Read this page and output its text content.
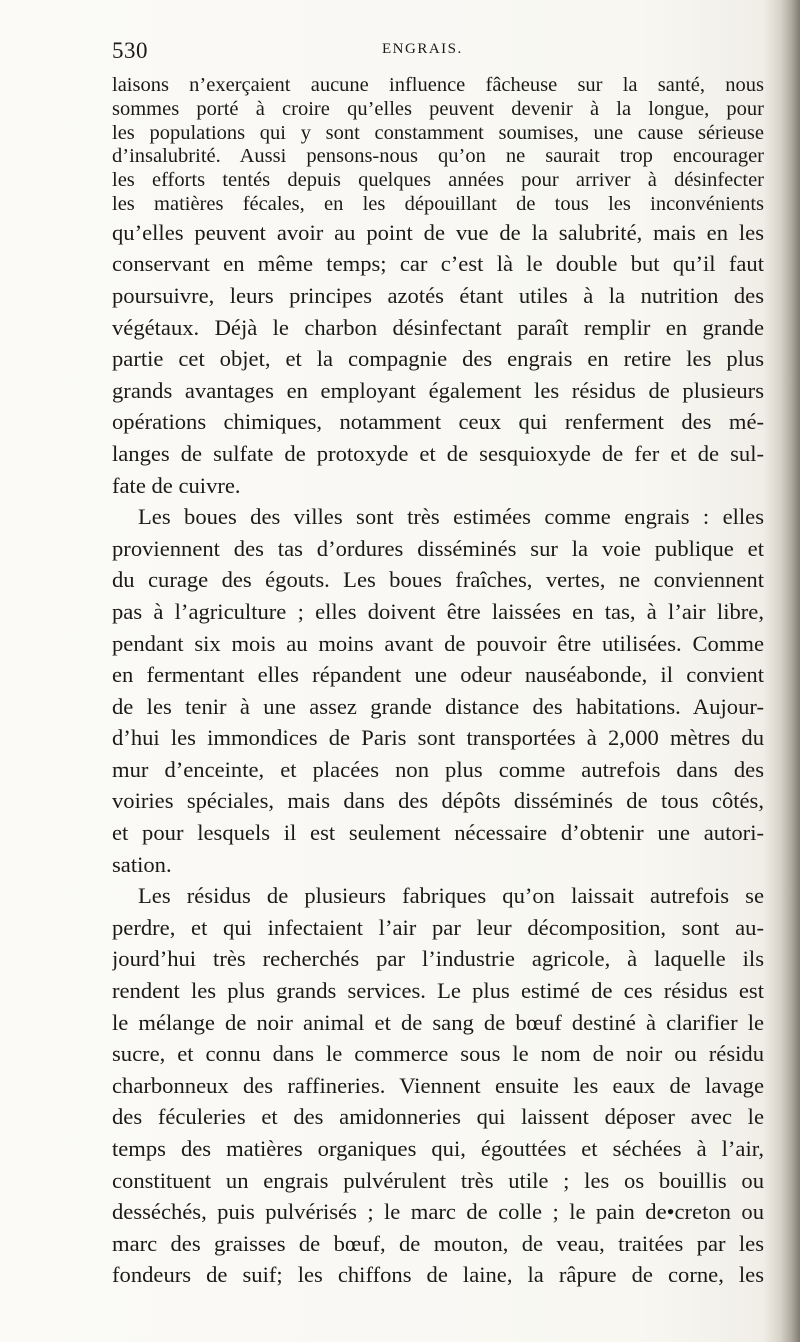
530	ENGRAIS.
laisons n’exerçaient aucune influence fâcheuse sur la santé, nous
sommes porté à croire qu’elles peuvent devenir à la longue, pour
les populations qui y sont constamment soumises, une cause sérieuse
d’insalubrité. Aussi pensons-nous qu’on ne saurait trop encourager
les efforts tentés depuis quelques années pour arriver à désinfecter
les matières fécales, en les dépouillant de tous les inconvénients
qu’elles peuvent avoir au point de vue de la salubrité, mais en les
conservant en même temps; car c’est là le double but qu’il faut
poursuivre, leurs principes azotés étant utiles à la nutrition des
végétaux. Déjà le charbon désinfectant paraît remplir en grande
partie cet objet, et la compagnie des engrais en retire les plus
grands avantages en employant également les résidus de plusieurs
opérations chimiques, notamment ceux qui renferment des mé-
langes de sulfate de protoxyde et de sesquioxyde de fer et de sul-
fate de cuivre.
Les boues des villes sont très estimées comme engrais : elles
proviennent des tas d’ordures disséminés sur la voie publique et
du curage des égouts. Les boues fraîches, vertes, ne conviennent
pas à l’agriculture ; elles doivent être laissées en tas, à l’air libre,
pendant six mois au moins avant de pouvoir être utilisées. Comme
en fermentant elles répandent une odeur nauséabonde, il convient
de les tenir à une assez grande distance des habitations. Aujour-
d’hui les immondices de Paris sont transportées à 2,000 mètres du
mur d’enceinte, et placées non plus comme autrefois dans des
voiries spéciales, mais dans des dépôts disséminés de tous côtés,
et pour lesquels il est seulement nécessaire d’obtenir une autori-
sation.
Les résidus de plusieurs fabriques qu’on laissait autrefois se
perdre, et qui infectaient l’air par leur décomposition, sont au-
jourd’hui très recherchés par l’industrie agricole, à laquelle ils
rendent les plus grands services. Le plus estimé de ces résidus est
le mélange de noir animal et de sang de bœuf destiné à clarifier le
sucre, et connu dans le commerce sous le nom de noir ou résidu
charbonneux des raffineries. Viennent ensuite les eaux de lavage
des féculeries et des amidonneries qui laissent déposer avec le
temps des matières organiques qui, égouttées et séchées à l’air,
constituent un engrais pulvérulent très utile ; les os bouillis ou
desséchés, puis pulvérisés ; le marc de colle ; le pain de•creton ou
marc des graisses de bœuf, de mouton, de veau, traitées par les
fondeurs de suif; les chiffons de laine, la râpure de corne, les
